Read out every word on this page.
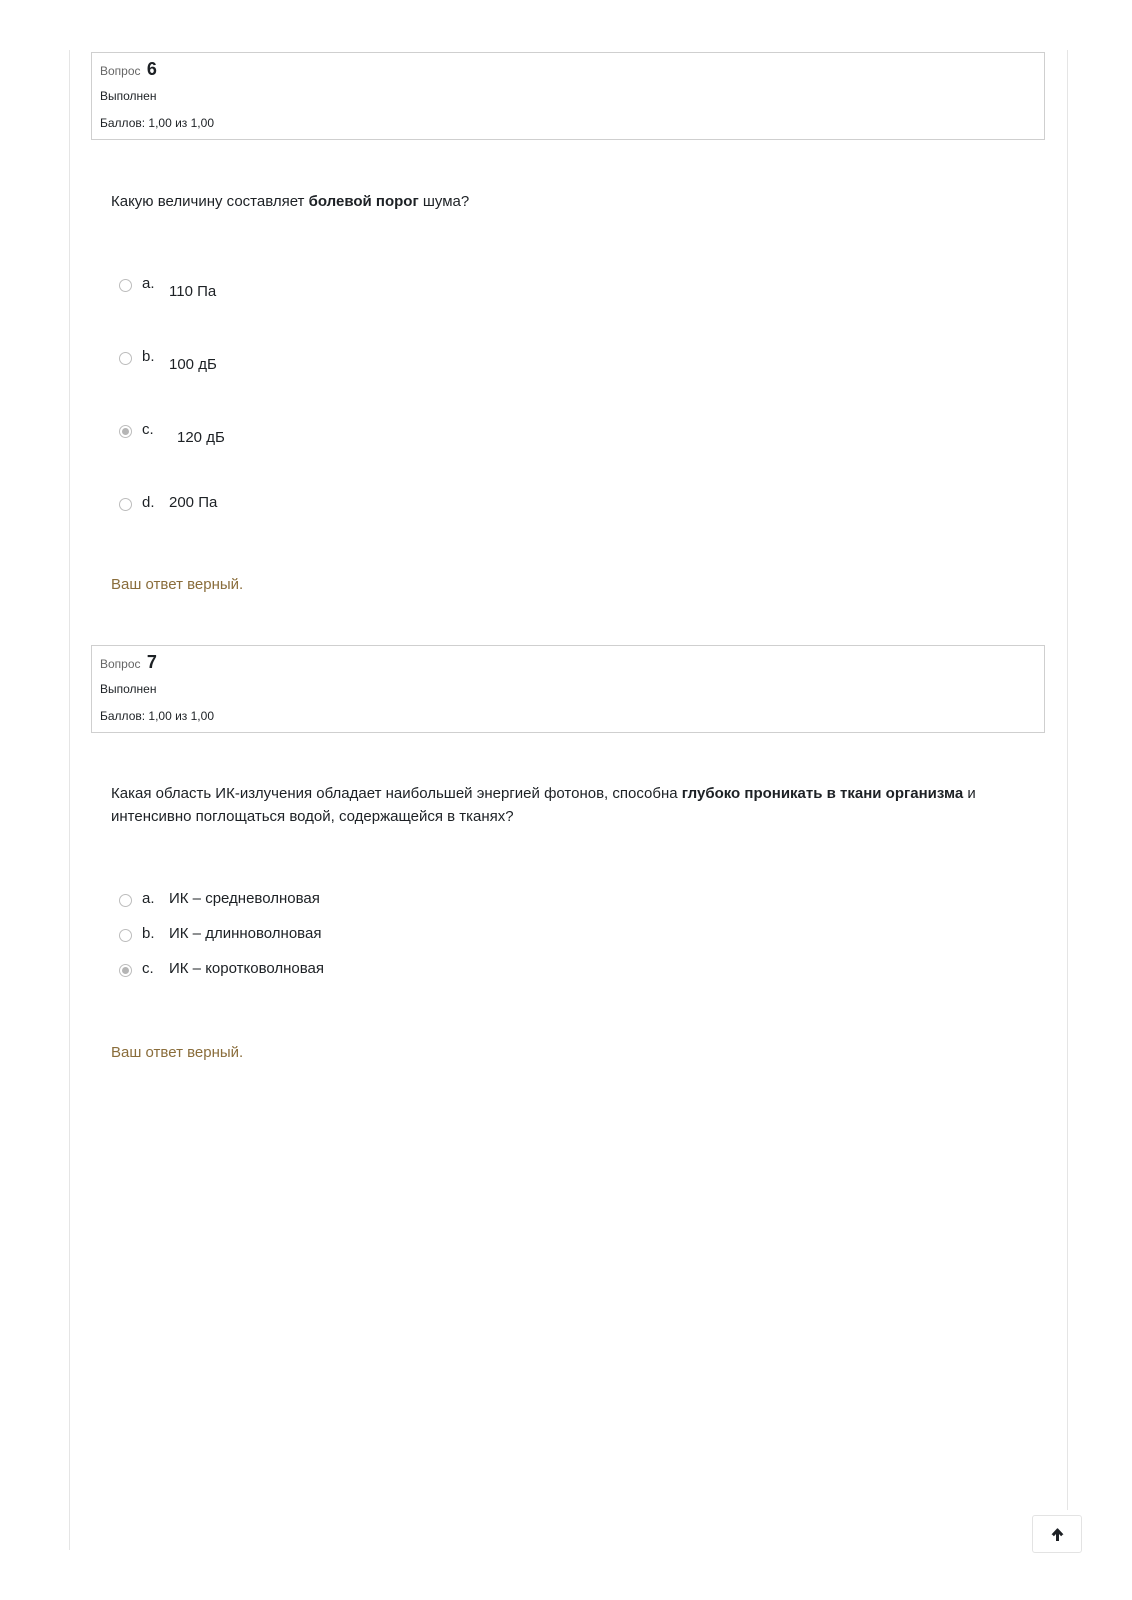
Вопрос 6
Выполнен
Баллов: 1,00 из 1,00
Какую величину составляет болевой порог шума?
a. 110 Па
b. 100 дБ
c. 120 дБ
d. 200 Па
Ваш ответ верный.
Вопрос 7
Выполнен
Баллов: 1,00 из 1,00
Какая область ИК-излучения обладает наибольшей энергией фотонов, способна глубоко проникать в ткани организма и интенсивно поглощаться водой, содержащейся в тканях?
a. ИК – средневолновая
b. ИК – длинноволновая
c. ИК – коротковолновая
Ваш ответ верный.
